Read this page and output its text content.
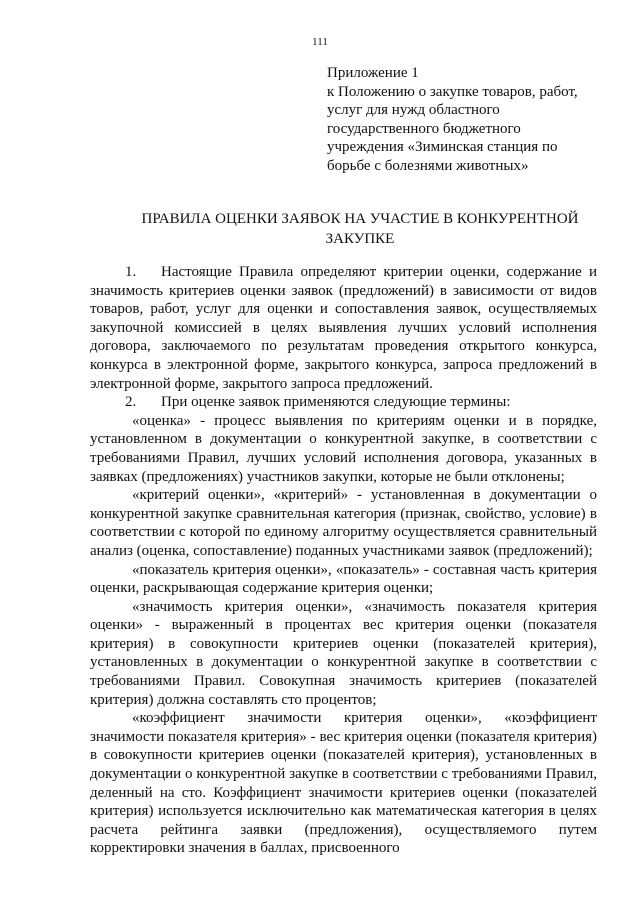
111
Приложение 1
к Положению о закупке товаров, работ,
услуг для нужд областного
государственного бюджетного
учреждения «Зиминская станция по
борьбе с болезнями животных»
ПРАВИЛА ОЦЕНКИ ЗАЯВОК НА УЧАСТИЕ В КОНКУРЕНТНОЙ
ЗАКУПКЕ

1. Настоящие Правила определяют критерии оценки, содержание и значимость критериев оценки заявок (предложений) в зависимости от видов товаров, работ, услуг для оценки и сопоставления заявок, осуществляемых закупочной комиссией в целях выявления лучших условий исполнения договора, заключаемого по результатам проведения открытого конкурса, конкурса в электронной форме, закрытого конкурса, запроса предложений в электронной форме, закрытого запроса предложений.

2. При оценке заявок применяются следующие термины:

«оценка» - процесс выявления по критериям оценки и в порядке, установленном в документации о конкурентной закупке, в соответствии с требованиями Правил, лучших условий исполнения договора, указанных в заявках (предложениях) участников закупки, которые не были отклонены;

«критерий оценки», «критерий» - установленная в документации о конкурентной закупке сравнительная категория (признак, свойство, условие) в соответствии с которой по единому алгоритму осуществляется сравнительный анализ (оценка, сопоставление) поданных участниками заявок (предложений);

«показатель критерия оценки», «показатель» - составная часть критерия оценки, раскрывающая содержание критерия оценки;

«значимость критерия оценки», «значимость показателя критерия оценки» - выраженный в процентах вес критерия оценки (показателя критерия) в совокупности критериев оценки (показателей критерия), установленных в документации о конкурентной закупке в соответствии с требованиями Правил. Совокупная значимость критериев (показателей критерия) должна составлять сто процентов;

«коэффициент значимости критерия оценки», «коэффициент значимости показателя критерия» - вес критерия оценки (показателя критерия) в совокупности критериев оценки (показателей критерия), установленных в документации о конкурентной закупке в соответствии с требованиями Правил, деленный на сто. Коэффициент значимости критериев оценки (показателей критерия) используется исключительно как математическая категория в целях расчета рейтинга заявки (предложения), осуществляемого путем корректировки значения в баллах, присвоенного
